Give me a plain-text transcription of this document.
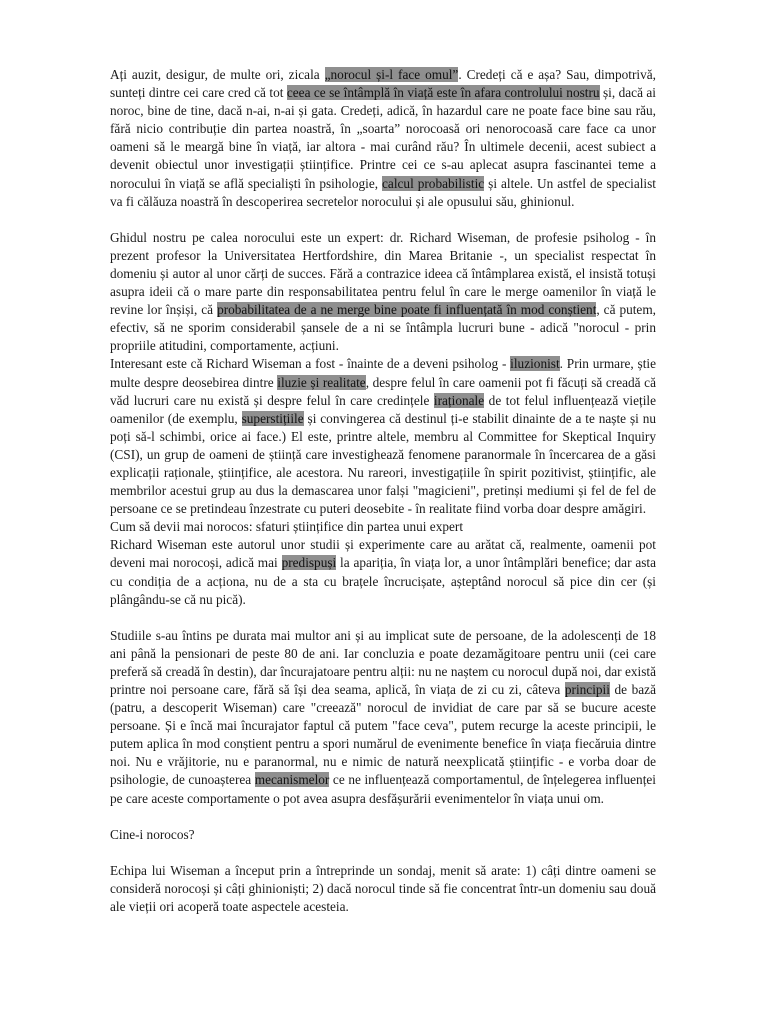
Ați auzit, desigur, de multe ori, zicala „norocul și-l face omul”. Credeți că e așa? Sau, dimpotrivă, sunteți dintre cei care cred că tot ceea ce se întâmplă în viață este în afara controlului nostru și, dacă ai noroc, bine de tine, dacă n-ai, n-ai și gata. Credeți, adică, în hazardul care ne poate face bine sau rău, fără nicio contribuție din partea noastră, în „soarta” norocoasă ori nenorocoasă care face ca unor oameni să le meargă bine în viață, iar altora - mai curând rău? În ultimele decenii, acest subiect a devenit obiectul unor investigații științifice. Printre cei ce s-au aplecat asupra fascinantei teme a norocului în viață se află specialiști în psihologie, calcul probabilistic și altele. Un astfel de specialist va fi călăuza noastră în descoperirea secretelor norocului și ale opusului său, ghinionul.

Ghidul nostru pe calea norocului este un expert: dr. Richard Wiseman, de profesie psiholog - în prezent profesor la Universitatea Hertfordshire, din Marea Britanie -, un specialist respectat în domeniu și autor al unor cărți de succes. Fără a contrazice ideea că întâmplarea există, el insistă totuși asupra ideii că o mare parte din responsabilitatea pentru felul în care le merge oamenilor în viață le revine lor înșiși, că probabilitatea de a ne merge bine poate fi influențată în mod conștient, că putem, efectiv, să ne sporim considerabil șansele de a ni se întâmpla lucruri bune - adică "norocul - prin propriile atitudini, comportamente, acțiuni.

Interesant este că Richard Wiseman a fost - înainte de a deveni psiholog - iluzionist. Prin urmare, știe multe despre deosebirea dintre iluzie și realitate, despre felul în care oamenii pot fi făcuți să creadă că văd lucruri care nu există și despre felul în care credințele iraționale de tot felul influențează viețile oamenilor (de exemplu, superstițiile și convingerea că destinul ți-e stabilit dinainte de a te naște și nu poți să-l schimbi, orice ai face.) El este, printre altele, membru al Committee for Skeptical Inquiry (CSI), un grup de oameni de știință care investighează fenomene paranormale în încercarea de a găsi explicații raționale, științifice, ale acestora. Nu rareori, investigațiile în spirit pozitivist, științific, ale membrilor acestui grup au dus la demascarea unor falși "magicieni", pretinși mediumi și fel de fel de persoane ce se pretindeau înzestrate cu puteri deosebite - în realitate fiind vorba doar despre amăgiri.

Cum să devii mai norocos: sfaturi științifice din partea unui expert

Richard Wiseman este autorul unor studii și experimente care au arătat că, realmente, oamenii pot deveni mai norocoși, adică mai predispuși la apariția, în viața lor, a unor întâmplări benefice; dar asta cu condiția de a acționa, nu de a sta cu brațele încrucișate, așteptând norocul să pice din cer (și plângându-se că nu pică).

Studiile s-au întins pe durata mai multor ani și au implicat sute de persoane, de la adolescenți de 18 ani până la pensionari de peste 80 de ani. Iar concluzia e poate dezamăgitoare pentru unii (cei care preferă să creadă în destin), dar încurajatoare pentru alții: nu ne naștem cu norocul după noi, dar există printre noi persoane care, fără să își dea seama, aplică, în viața de zi cu zi, câteva principii de bază (patru, a descoperit Wiseman) care "creează" norocul de invidiat de care par să se bucure aceste persoane. Și e încă mai încurajator faptul că putem "face ceva", putem recurge la aceste principii, le putem aplica în mod conștient pentru a spori numărul de evenimente benefice în viața fiecăruia dintre noi. Nu e vrăjitorie, nu e paranormal, nu e nimic de natură neexplicată științific - e vorba doar de psihologie, de cunoașterea mecanismelor ce ne influențează comportamentul, de înțelegerea influenței pe care aceste comportamente o pot avea asupra desfășurării evenimentelor în viața unui om.

Cine-i norocos?

Echipa lui Wiseman a început prin a întreprinde un sondaj, menit să arate: 1) câți dintre oameni se consideră norocoși și câți ghinioniști; 2) dacă norocul tinde să fie concentrat într-un domeniu sau două ale vieții ori acoperă toate aspectele acesteia.
